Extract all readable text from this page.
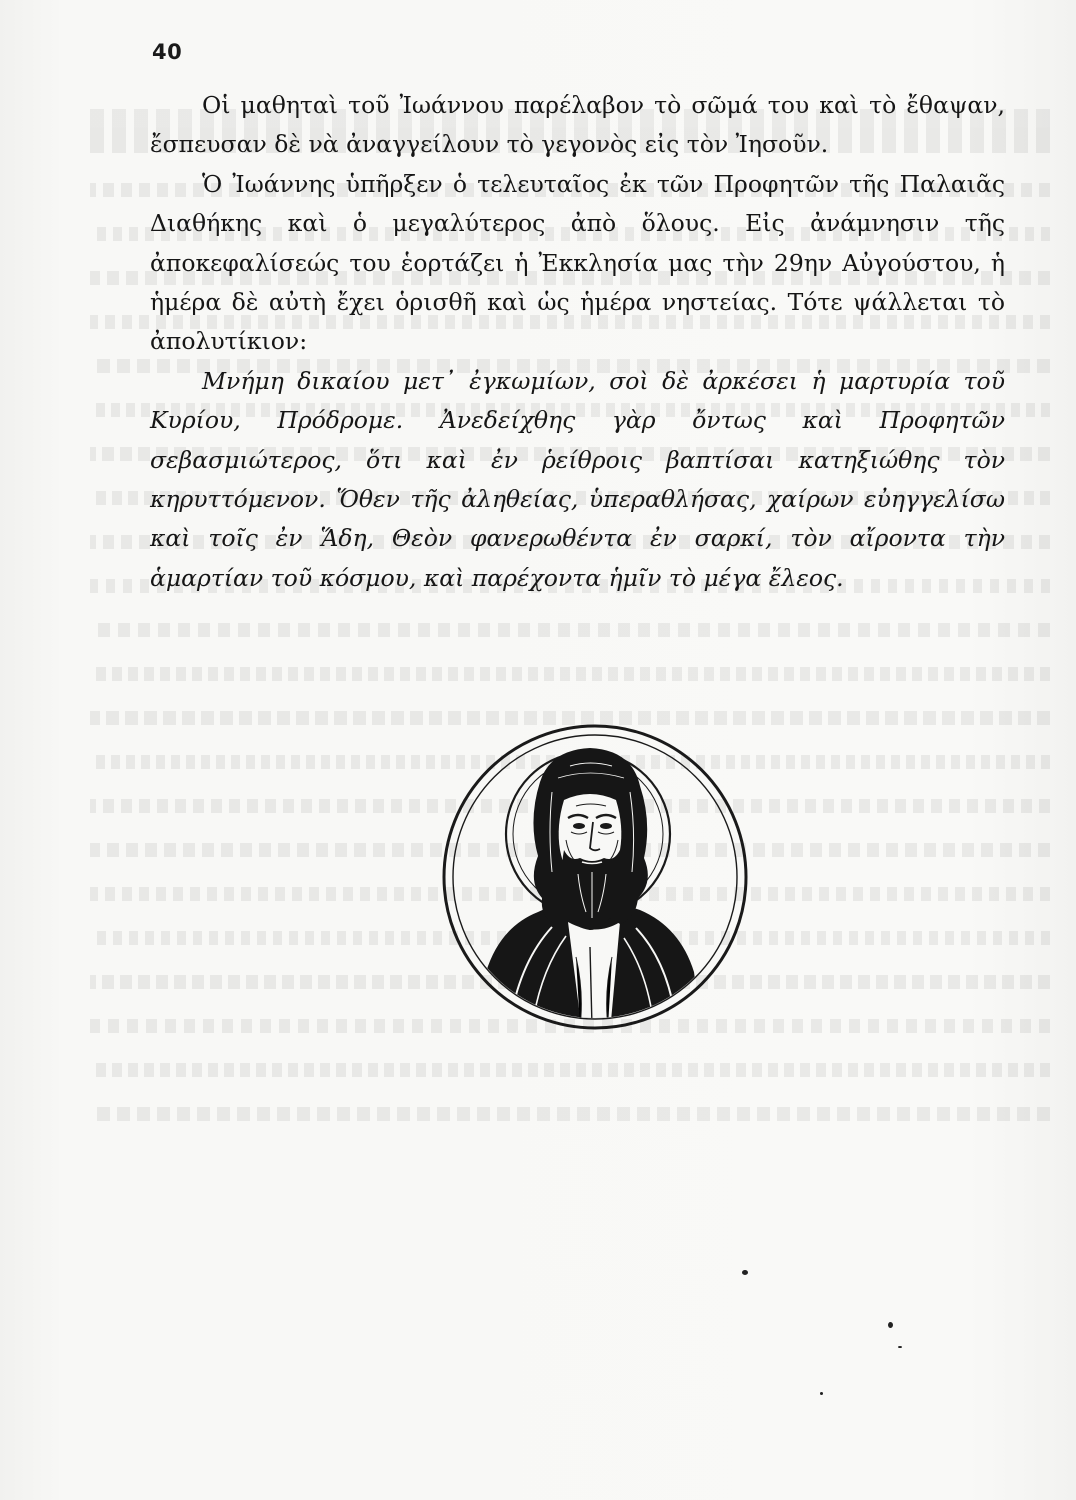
40

Οἱ μαθηταὶ τοῦ Ἰωάννου παρέλαβον τὸ σῶμά του καὶ τὸ ἔθαψαν, ἔσπευσαν δὲ νὰ ἀναγγείλουν τὸ γεγονὸς εἰς τὸν Ἰησοῦν.

Ὁ Ἰωάννης ὑπῆρξεν ὁ τελευταῖος ἐκ τῶν Προφητῶν τῆς Παλαιᾶς Διαθήκης καὶ ὁ μεγαλύτερος ἀπὸ ὅλους. Εἰς ἀνάμνησιν τῆς ἀποκεφαλίσεώς του ἑορτάζει ἡ Ἐκκλησία μας τὴν 29ην Αὐγούστου, ἡ ἡμέρα δὲ αὐτὴ ἔχει ὁρισθῆ καὶ ὡς ἡμέρα νηστείας. Τότε ψάλλεται τὸ ἀπολυτίκιον:

Μνήμη δικαίου μετ᾽ ἐγκωμίων, σοὶ δὲ ἀρκέσει ἡ μαρτυρία τοῦ Κυρίου, Πρόδρομε. Ἀνεδείχθης γὰρ ὄντως καὶ Προφητῶν σεβασμιώτερος, ὅτι καὶ ἐν ῥείθροις βαπτίσαι κατηξιώθης τὸν κηρυττόμενον. Ὅθεν τῆς ἀληθείας, ὑπεραθλήσας, χαίρων εὐηγγελίσω καὶ τοῖς ἐν Ἅδη, Θεὸν φανερωθέντα ἐν σαρκί, τὸν αἴροντα τὴν ἁμαρτίαν τοῦ κόσμου, καὶ παρέχοντα ἡμῖν τὸ μέγα ἔλεος.
